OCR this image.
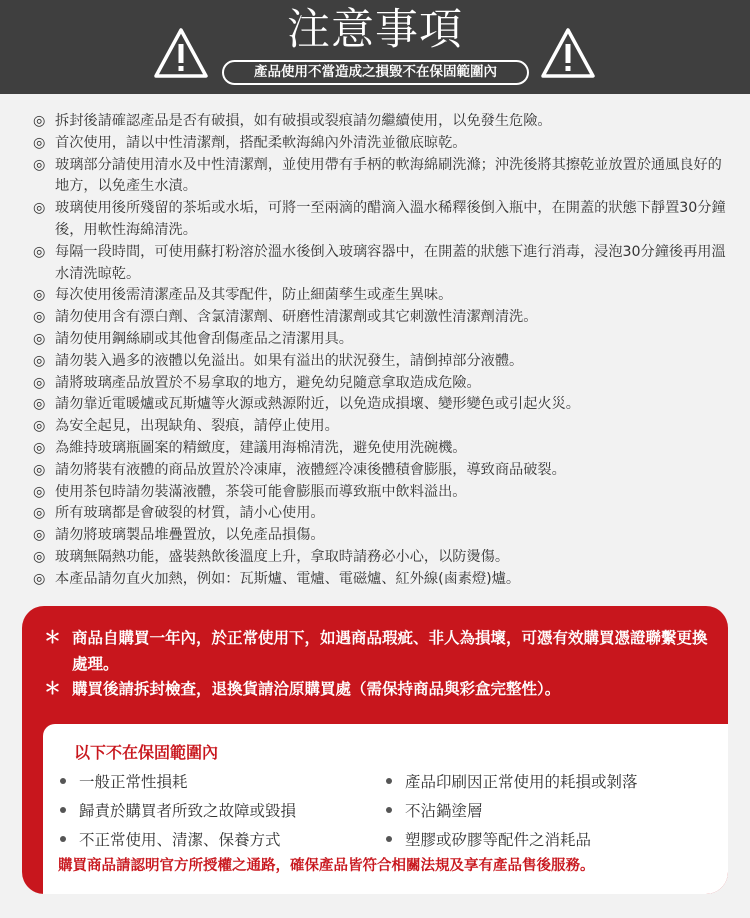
注意事項
產品使用不當造成之損毀不在保固範圍內
◎ 拆封後請確認產品是否有破損，如有破損或裂痕請勿繼續使用，以免發生危險。
◎ 首次使用，請以中性清潔劑，搭配柔軟海綿內外清洗並徹底晾乾。
◎ 玻璃部分請使用清水及中性清潔劑，並使用帶有手柄的軟海綿刷洗滌；沖洗後將其擦乾並放置於通風良好的地方，以免產生水漬。
◎ 玻璃使用後所殘留的茶垢或水垢，可將一至兩滴的醋滴入溫水稀釋後倒入瓶中，在開蓋的狀態下靜置30分鐘後，用軟性海綿清洗。
◎ 每隔一段時間，可使用蘇打粉溶於溫水後倒入玻璃容器中，在開蓋的狀態下進行消毒，浸泡30分鐘後再用溫水清洗晾乾。
◎ 每次使用後需清潔產品及其零配件，防止細菌孳生或產生異味。
◎ 請勿使用含有漂白劑、含氯清潔劑、研磨性清潔劑或其它刺激性清潔劑清洗。
◎ 請勿使用鋼絲刷或其他會刮傷產品之清潔用具。
◎ 請勿裝入過多的液體以免溢出。如果有溢出的狀況發生，請倒掉部分液體。
◎ 請將玻璃產品放置於不易拿取的地方，避免幼兒隨意拿取造成危險。
◎ 請勿靠近電暖爐或瓦斯爐等火源或熱源附近，以免造成損壞、變形變色或引起火災。
◎ 為安全起見，出現缺角、裂痕，請停止使用。
◎ 為維持玻璃瓶圖案的精緻度，建議用海棉清洗，避免使用洗碗機。
◎ 請勿將裝有液體的商品放置於冷凍庫，液體經冷凍後體積會膨脹，導致商品破裂。
◎ 使用茶包時請勿裝滿液體，茶袋可能會膨脹而導致瓶中飲料溢出。
◎ 所有玻璃都是會破裂的材質，請小心使用。
◎ 請勿將玻璃製品堆疊置放，以免產品損傷。
◎ 玻璃無隔熱功能，盛裝熱飲後溫度上升，拿取時請務必小心，以防燙傷。
◎ 本產品請勿直火加熱，例如：瓦斯爐、電爐、電磁爐、紅外線(鹵素燈)爐。
＊ 商品自購買一年內，於正常使用下，如遇商品瑕疵、非人為損壞，可憑有效購買憑證聯繫更換處理。
＊ 購買後請拆封檢查，退換貨請洽原購買處（需保持商品與彩盒完整性）。
以下不在保固範圍內
一般正常性損耗
歸責於購買者所致之故障或毀損
不正常使用、清潔、保養方式
產品印刷因正常使用的耗損或剝落
不沾鍋塗層
塑膠或矽膠等配件之消耗品
購買商品請認明官方所授權之通路，確保產品皆符合相關法規及享有產品售後服務。
